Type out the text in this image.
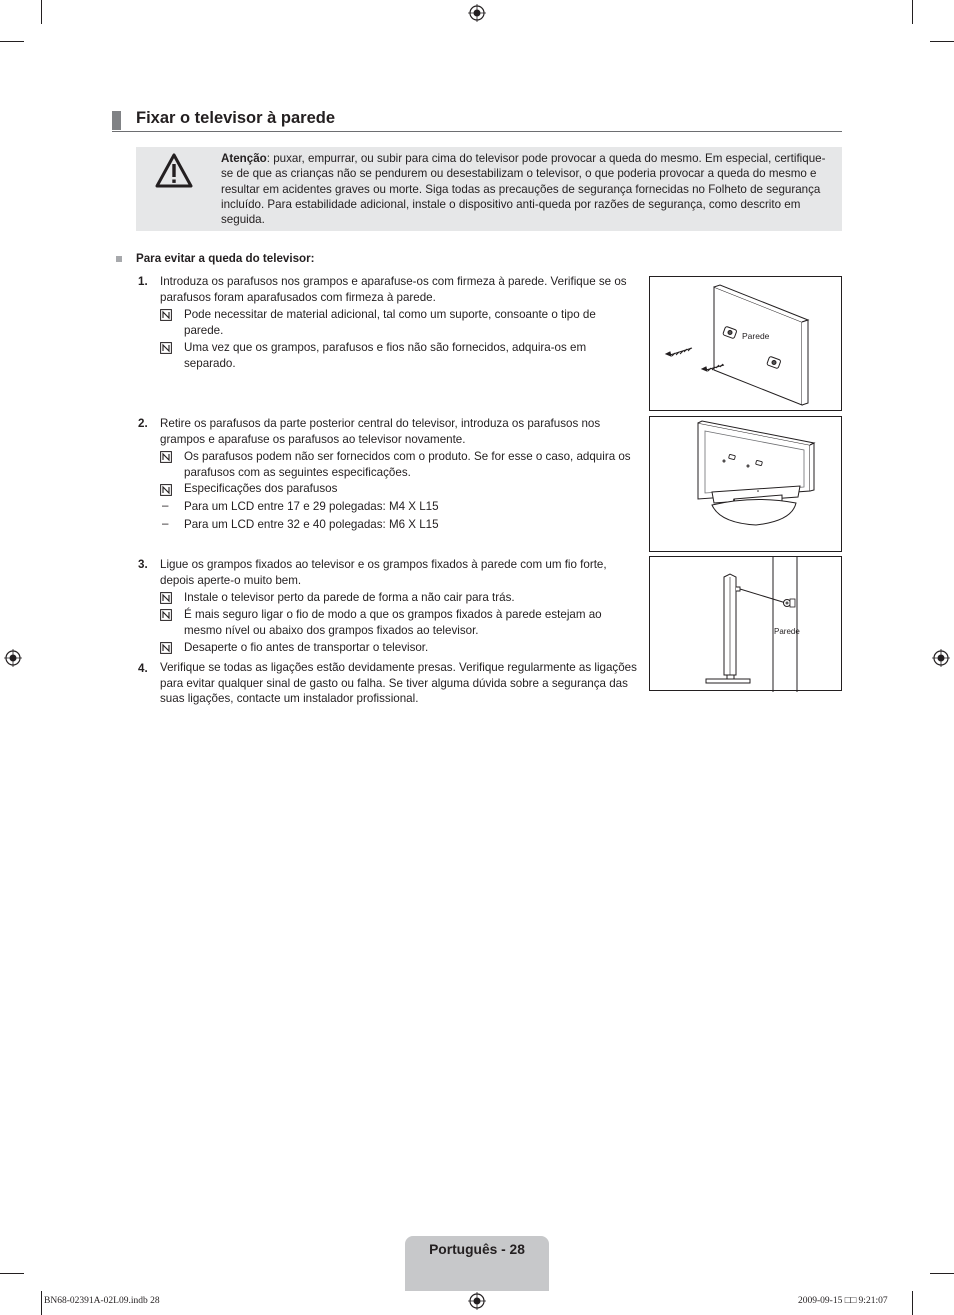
Fixar o televisor à parede
Atenção: puxar, empurrar, ou subir para cima do televisor pode provocar a queda do mesmo. Em especial, certifique-se de que as crianças não se pendurem ou desestabilizam o televisor, o que poderia provocar a queda do mesmo e resultar em acidentes graves ou morte. Siga todas as precauções de segurança fornecidas no Folheto de segurança incluído. Para estabilidade adicional, instale o dispositivo anti-queda por razões de segurança, como descrito em seguida.
Para evitar a queda do televisor:
1. Introduza os parafusos nos grampos e aparafuse-os com firmeza à parede. Verifique se os parafusos foram aparafusados com firmeza à parede.
Pode necessitar de material adicional, tal como um suporte, consoante o tipo de parede.
Uma vez que os grampos, parafusos e fios não são fornecidos, adquira-os em separado.
2. Retire os parafusos da parte posterior central do televisor, introduza os parafusos nos grampos e aparafuse os parafusos ao televisor novamente.
Os parafusos podem não ser fornecidos com o produto. Se for esse o caso, adquira os parafusos com as seguintes especificações.
Especificações dos parafusos
– Para um LCD entre 17 e 29 polegadas: M4 X L15
– Para um LCD entre 32 e 40 polegadas: M6 X L15
3. Ligue os grampos fixados ao televisor e os grampos fixados à parede com um fio forte, depois aperte-o muito bem.
Instale o televisor perto da parede de forma a não cair para trás.
É mais seguro ligar o fio de modo a que os grampos fixados à parede estejam ao mesmo nível ou abaixo dos grampos fixados ao televisor.
Desaperte o fio antes de transportar o televisor.
4. Verifique se todas as ligações estão devidamente presas. Verifique regularmente as ligações para evitar qualquer sinal de gasto ou falha. Se tiver alguma dúvida sobre a segurança das suas ligações, contacte um instalador profissional.
Parede
Parede
Português - 28
BN68-02391A-02L09.indb 28	2009-09-15 □□ 9:21:07
